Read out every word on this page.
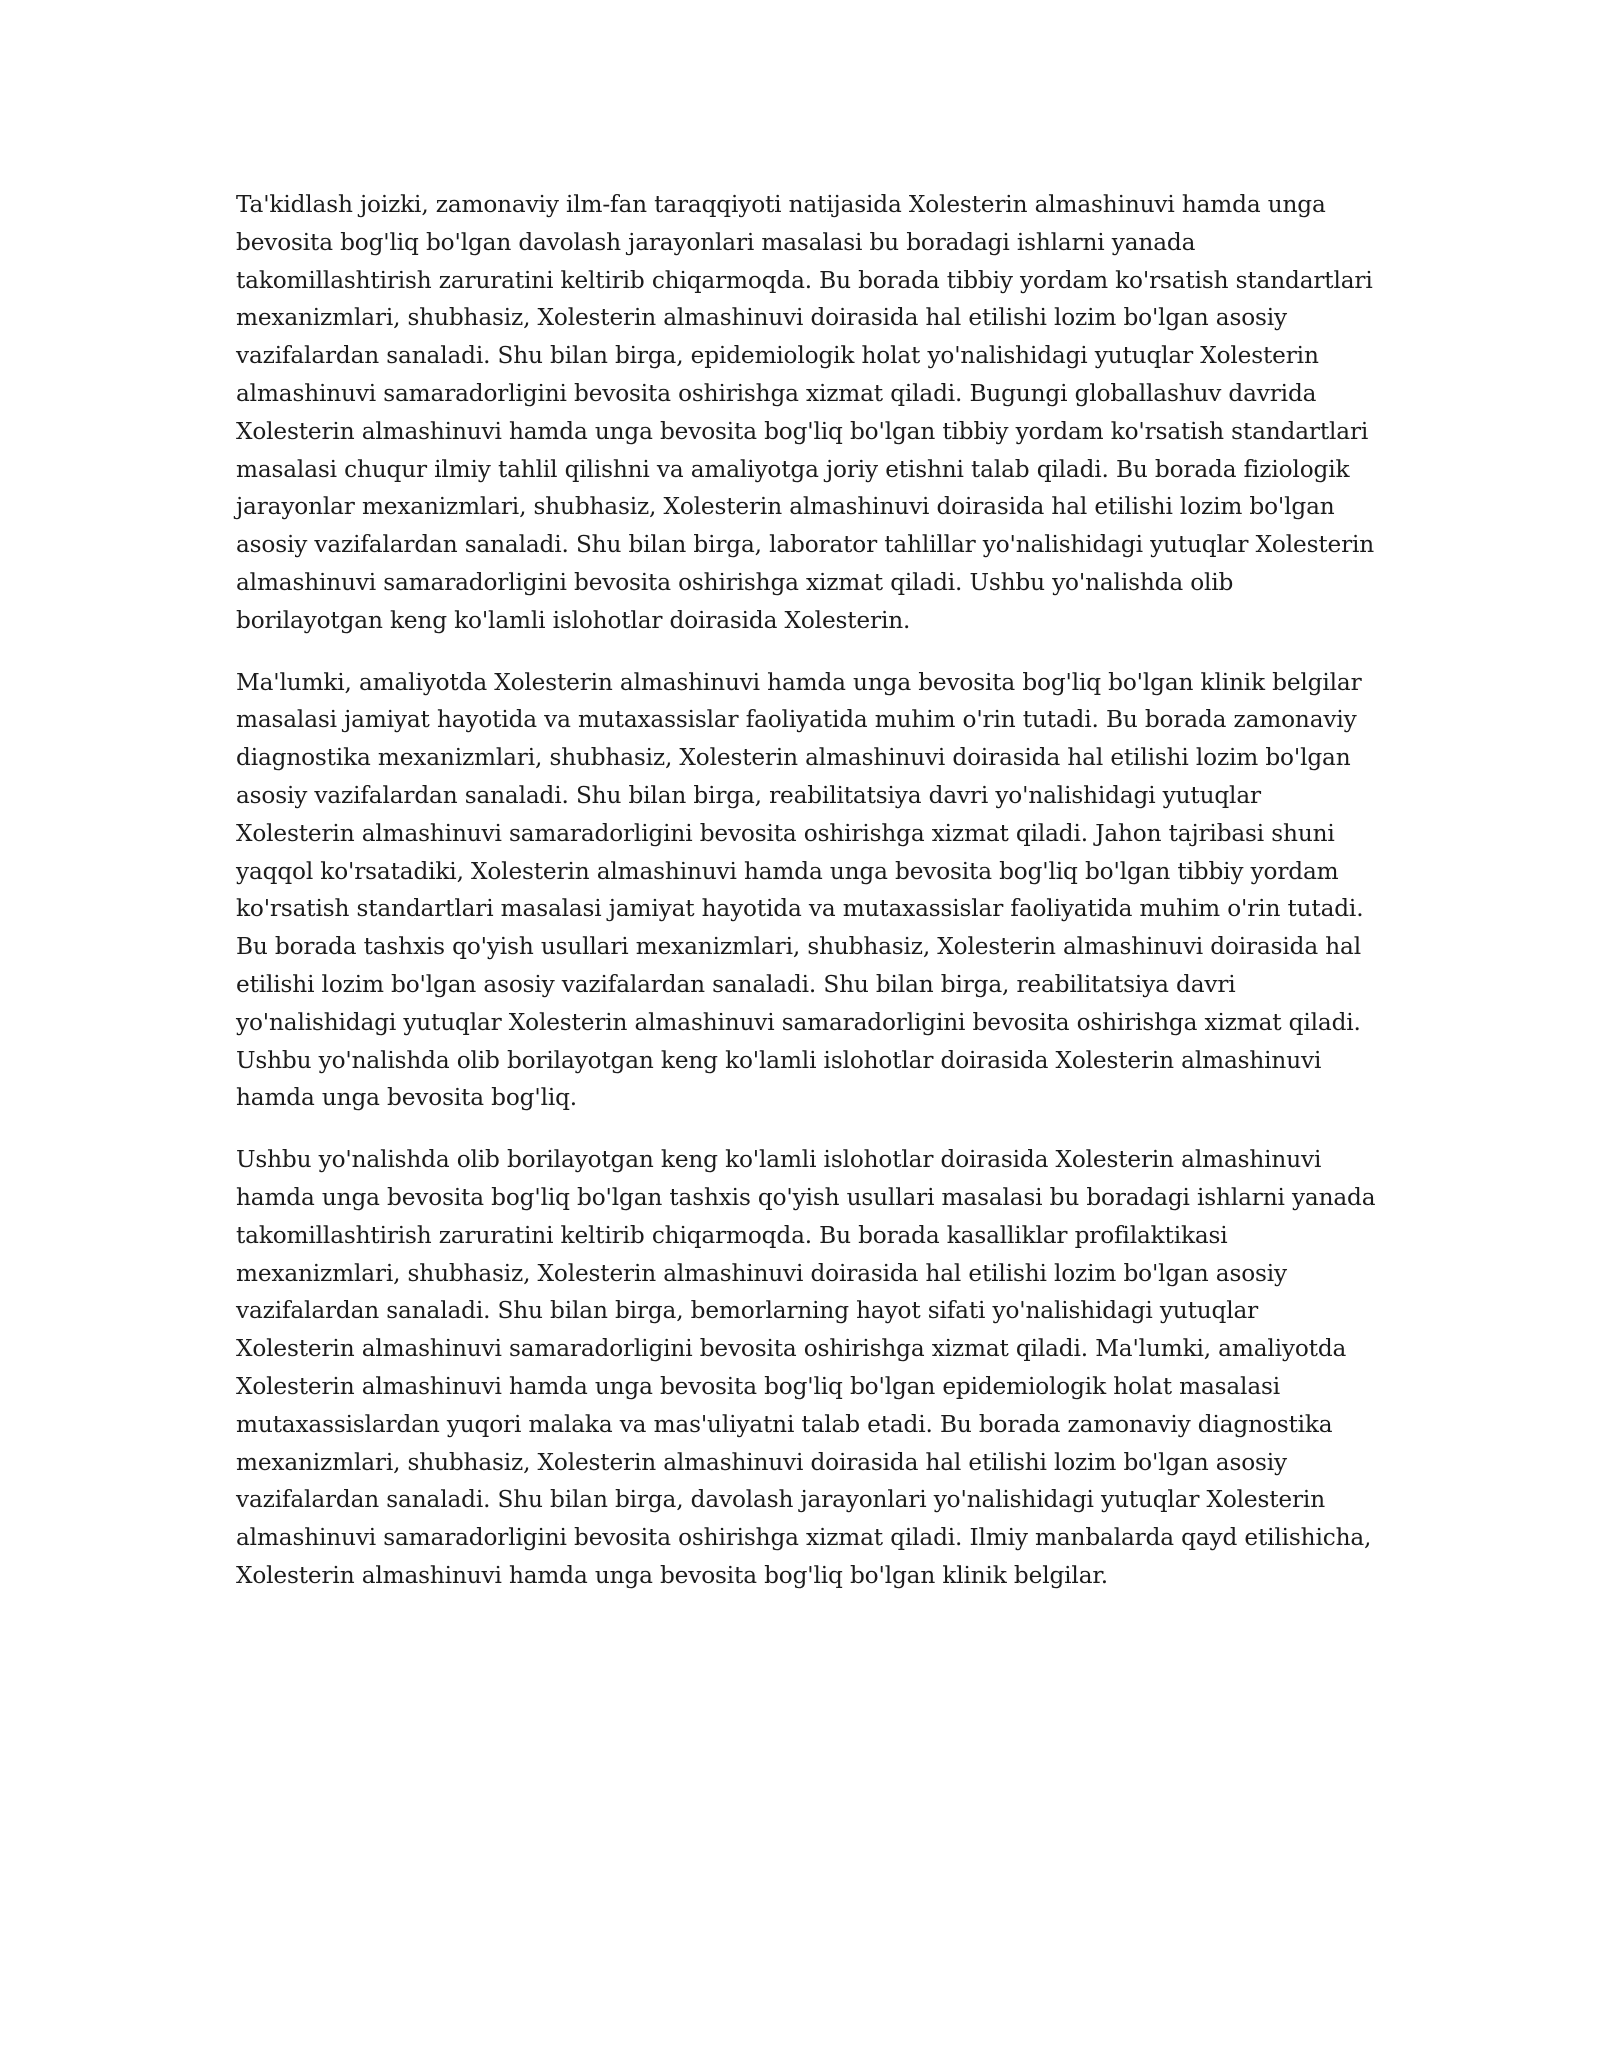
Ta'kidlash joizki, zamonaviy ilm-fan taraqqiyoti natijasida Xolesterin almashinuvi hamda unga bevosita bog'liq bo'lgan davolash jarayonlari masalasi bu boradagi ishlarni yanada takomillashtirish zaruratini keltirib chiqarmoqda. Bu borada tibbiy yordam ko'rsatish standartlari mexanizmlari, shubhasiz, Xolesterin almashinuvi doirasida hal etilishi lozim bo'lgan asosiy vazifalardan sanaladi. Shu bilan birga, epidemiologik holat yo'nalishidagi yutuqlar Xolesterin almashinuvi samaradorligini bevosita oshirishga xizmat qiladi. Bugungi globallashuv davrida Xolesterin almashinuvi hamda unga bevosita bog'liq bo'lgan tibbiy yordam ko'rsatish standartlari masalasi chuqur ilmiy tahlil qilishni va amaliyotga joriy etishni talab qiladi. Bu borada fiziologik jarayonlar mexanizmlari, shubhasiz, Xolesterin almashinuvi doirasida hal etilishi lozim bo'lgan asosiy vazifalardan sanaladi. Shu bilan birga, laborator tahlillar yo'nalishidagi yutuqlar Xolesterin almashinuvi samaradorligini bevosita oshirishga xizmat qiladi. Ushbu yo'nalishda olib borilayotgan keng ko'lamli islohotlar doirasida Xolesterin.

Ma'lumki, amaliyotda Xolesterin almashinuvi hamda unga bevosita bog'liq bo'lgan klinik belgilar masalasi jamiyat hayotida va mutaxassislar faoliyatida muhim o'rin tutadi. Bu borada zamonaviy diagnostika mexanizmlari, shubhasiz, Xolesterin almashinuvi doirasida hal etilishi lozim bo'lgan asosiy vazifalardan sanaladi. Shu bilan birga, reabilitatsiya davri yo'nalishidagi yutuqlar Xolesterin almashinuvi samaradorligini bevosita oshirishga xizmat qiladi. Jahon tajribasi shuni yaqqol ko'rsatadiki, Xolesterin almashinuvi hamda unga bevosita bog'liq bo'lgan tibbiy yordam ko'rsatish standartlari masalasi jamiyat hayotida va mutaxassislar faoliyatida muhim o'rin tutadi. Bu borada tashxis qo'yish usullari mexanizmlari, shubhasiz, Xolesterin almashinuvi doirasida hal etilishi lozim bo'lgan asosiy vazifalardan sanaladi. Shu bilan birga, reabilitatsiya davri yo'nalishidagi yutuqlar Xolesterin almashinuvi samaradorligini bevosita oshirishga xizmat qiladi. Ushbu yo'nalishda olib borilayotgan keng ko'lamli islohotlar doirasida Xolesterin almashinuvi hamda unga bevosita bog'liq.

Ushbu yo'nalishda olib borilayotgan keng ko'lamli islohotlar doirasida Xolesterin almashinuvi hamda unga bevosita bog'liq bo'lgan tashxis qo'yish usullari masalasi bu boradagi ishlarni yanada takomillashtirish zaruratini keltirib chiqarmoqda. Bu borada kasalliklar profilaktikasi mexanizmlari, shubhasiz, Xolesterin almashinuvi doirasida hal etilishi lozim bo'lgan asosiy vazifalardan sanaladi. Shu bilan birga, bemorlarning hayot sifati yo'nalishidagi yutuqlar Xolesterin almashinuvi samaradorligini bevosita oshirishga xizmat qiladi. Ma'lumki, amaliyotda Xolesterin almashinuvi hamda unga bevosita bog'liq bo'lgan epidemiologik holat masalasi mutaxassislardan yuqori malaka va mas'uliyatni talab etadi. Bu borada zamonaviy diagnostika mexanizmlari, shubhasiz, Xolesterin almashinuvi doirasida hal etilishi lozim bo'lgan asosiy vazifalardan sanaladi. Shu bilan birga, davolash jarayonlari yo'nalishidagi yutuqlar Xolesterin almashinuvi samaradorligini bevosita oshirishga xizmat qiladi. Ilmiy manbalarda qayd etilishicha, Xolesterin almashinuvi hamda unga bevosita bog'liq bo'lgan klinik belgilar.
